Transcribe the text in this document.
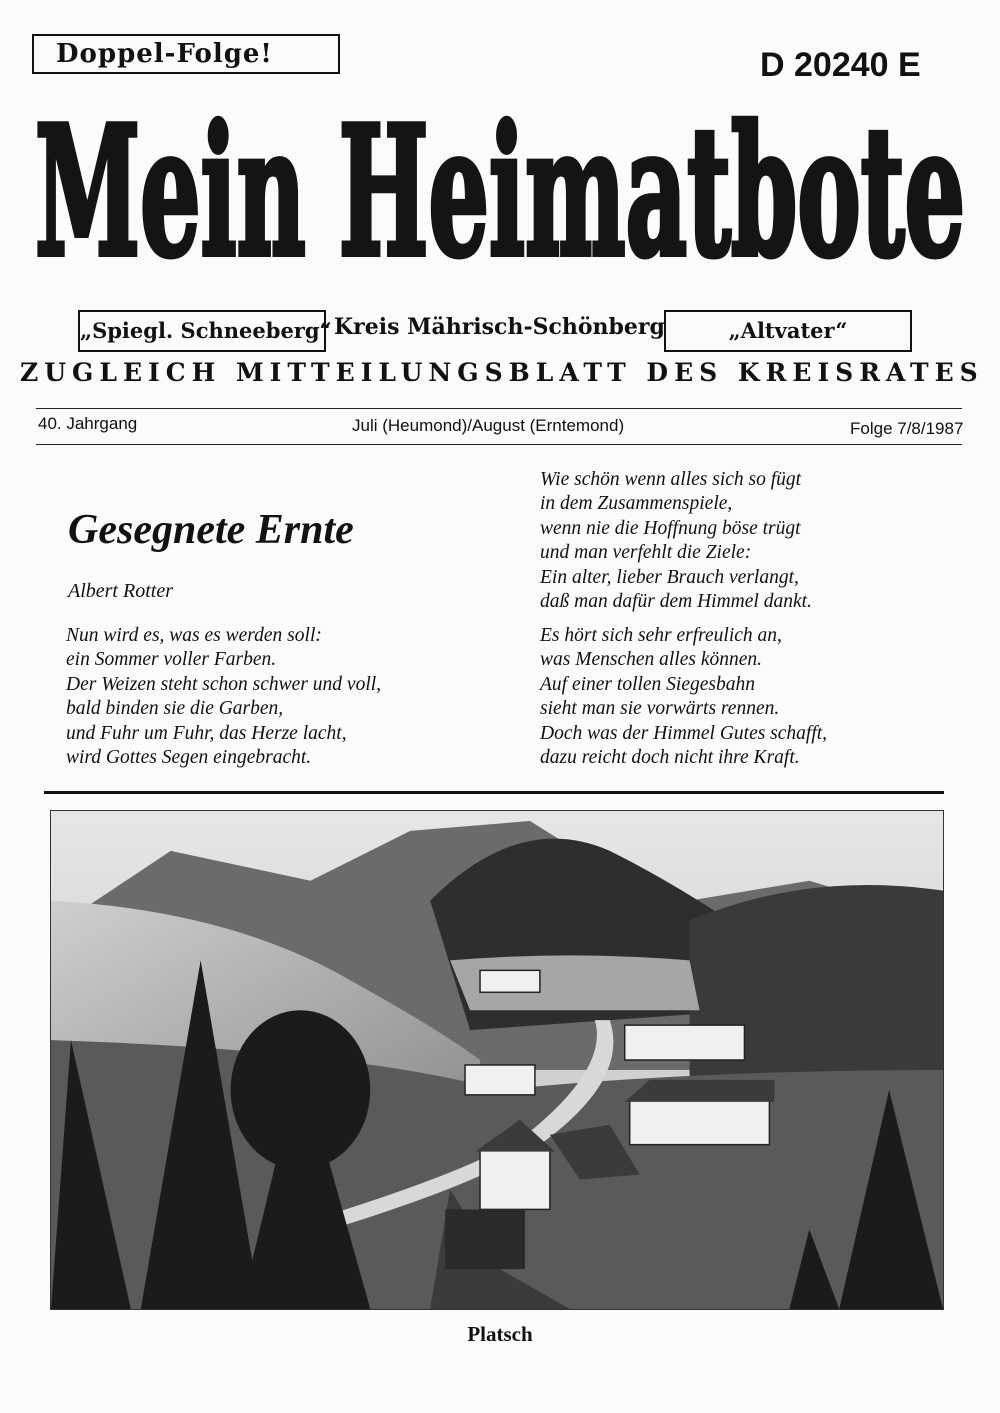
Doppel-Folge!	D 20240 E
Mein Heimatbote
„Spiegl. Schneeberg“ Kreis Mährisch-Schönberg	„Altvater“
ZUGLEICH MITTEILUNGSBLATT DES KREISRATES
40. Jahrgang	Juli (Heumond)/August (Erntemond)	Folge 7/8/1987
Gesegnete Ernte
Albert Rotter
Nun wird es, was es werden soll:
ein Sommer voller Farben.
Der Weizen steht schon schwer und voll,
bald binden sie die Garben,
und Fuhr um Fuhr, das Herze lacht,
wird Gottes Segen eingebracht.
Wie schön wenn alles sich so fügt
in dem Zusammenspiele,
wenn nie die Hoffnung böse trügt
und man verfehlt die Ziele:
Ein alter, lieber Brauch verlangt,
daß man dafür dem Himmel dankt.
Es hört sich sehr erfreulich an,
was Menschen alles können.
Auf einer tollen Siegesbahn
sieht man sie vorwärts rennen.
Doch was der Himmel Gutes schafft,
dazu reicht doch nicht ihre Kraft.
Platsch
